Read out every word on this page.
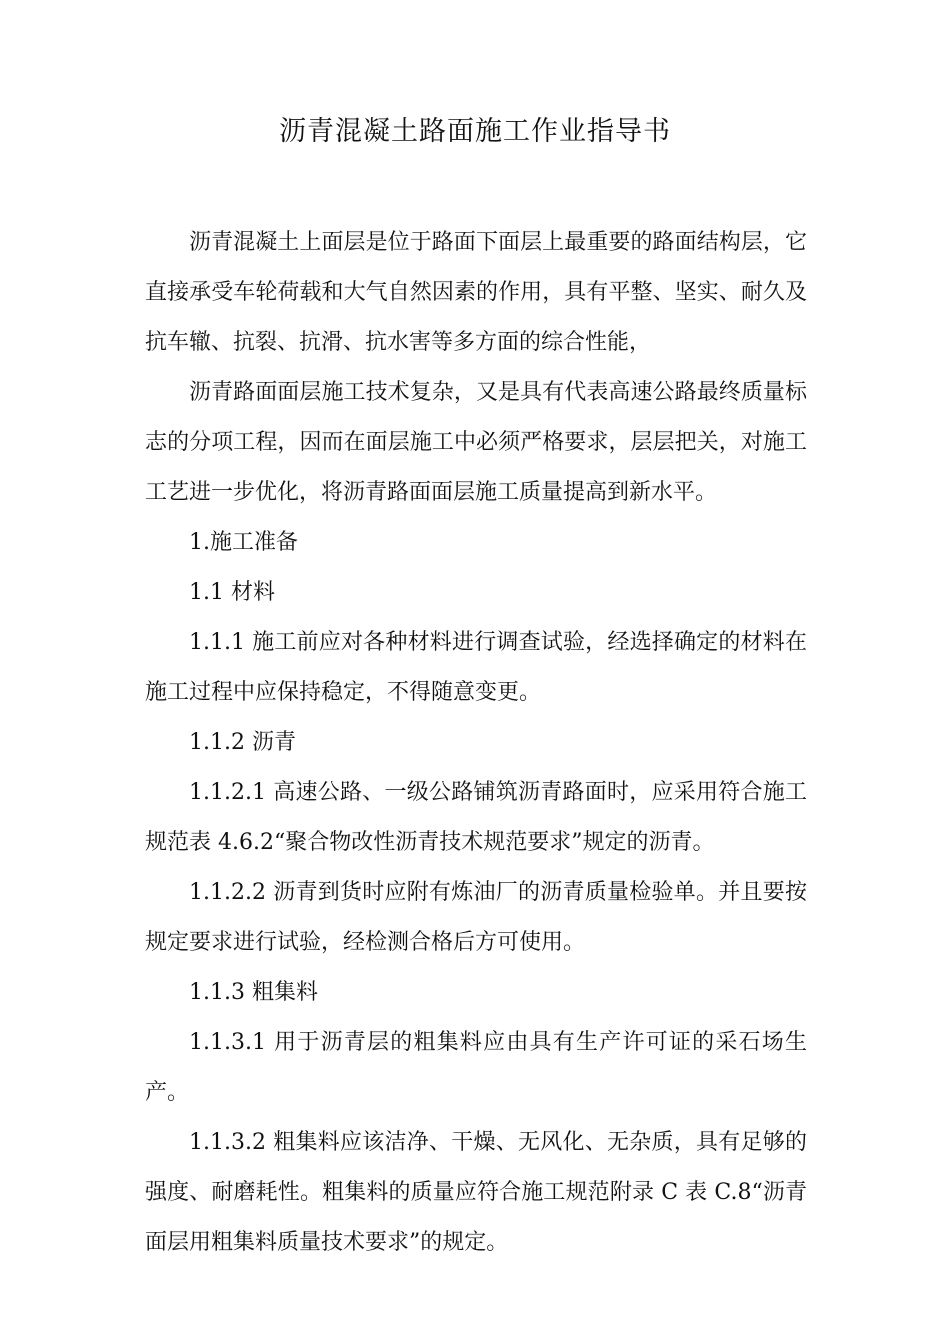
沥青混凝土路面施工作业指导书

沥青混凝土上面层是位于路面下面层上最重要的路面结构层，它直接承受车轮荷载和大气自然因素的作用，具有平整、坚实、耐久及抗车辙、抗裂、抗滑、抗水害等多方面的综合性能，

沥青路面面层施工技术复杂，又是具有代表高速公路最终质量标志的分项工程，因而在面层施工中必须严格要求，层层把关，对施工工艺进一步优化，将沥青路面面层施工质量提高到新水平。

1.施工准备

1.1 材料

1.1.1 施工前应对各种材料进行调查试验，经选择确定的材料在施工过程中应保持稳定，不得随意变更。

1.1.2 沥青

1.1.2.1 高速公路、一级公路铺筑沥青路面时，应采用符合施工规范表 4.6.2“聚合物改性沥青技术规范要求”规定的沥青。

1.1.2.2 沥青到货时应附有炼油厂的沥青质量检验单。并且要按规定要求进行试验，经检测合格后方可使用。

1.1.3 粗集料

1.1.3.1 用于沥青层的粗集料应由具有生产许可证的采石场生产。

1.1.3.2 粗集料应该洁净、干燥、无风化、无杂质，具有足够的强度、耐磨耗性。粗集料的质量应符合施工规范附录 C 表 C.8“沥青面层用粗集料质量技术要求”的规定。
